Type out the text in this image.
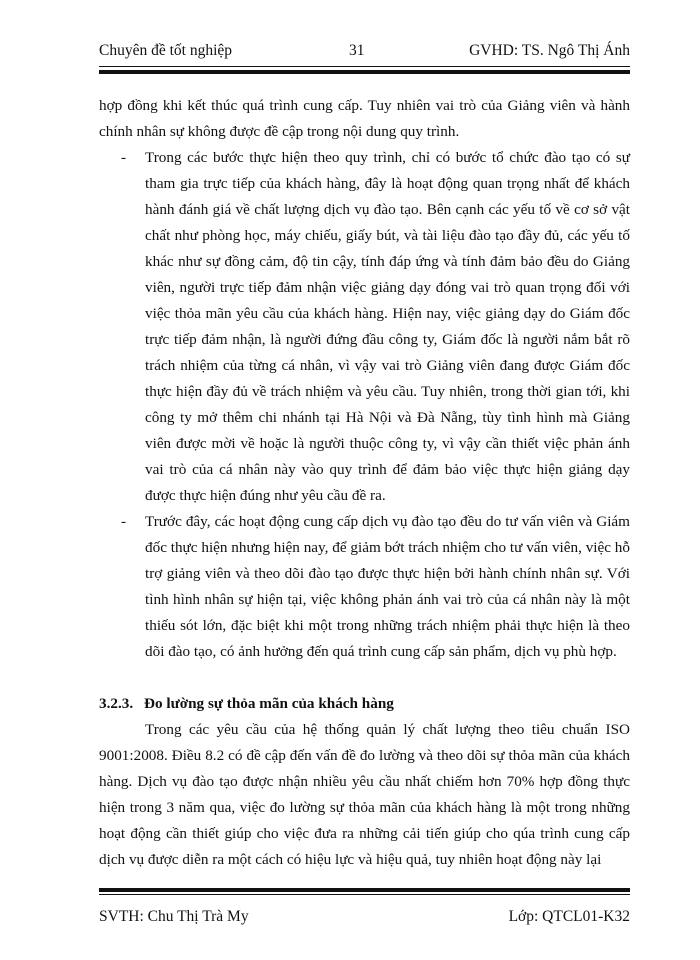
Chuyên đề tốt nghiệp	31	GVHD: TS. Ngô Thị Ánh

hợp đồng khi kết thúc quá trình cung cấp. Tuy nhiên vai trò của Giảng viên và hành chính nhân sự không được đề cập trong nội dung quy trình.

- Trong các bước thực hiện theo quy trình, chỉ có bước tổ chức đào tạo có sự tham gia trực tiếp của khách hàng, đây là hoạt động quan trọng nhất để khách hành đánh giá về chất lượng dịch vụ đào tạo. Bên cạnh các yếu tố về cơ sở vật chất như phòng học, máy chiếu, giấy bút, và tài liệu đào tạo đầy đủ, các yếu tố khác như sự đồng cảm, độ tin cậy, tính đáp ứng và tính đảm bảo đều do Giảng viên, người trực tiếp đảm nhận việc giảng dạy đóng vai trò quan trọng đối với việc thỏa mãn yêu cầu của khách hàng. Hiện nay, việc giảng dạy do Giám đốc trực tiếp đảm nhận, là người đứng đầu công ty, Giám đốc là người nắm bắt rõ trách nhiệm của từng cá nhân, vì vậy vai trò Giảng viên đang được Giám đốc thực hiện đầy đủ về trách nhiệm và yêu cầu. Tuy nhiên, trong thời gian tới, khi công ty mở thêm chi nhánh tại Hà Nội và Đà Nẵng, tùy tình hình mà Giảng viên được mời về hoặc là người thuộc công ty, vì vậy cần thiết việc phản ánh vai trò của cá nhân này vào quy trình để đảm bảo việc thực hiện giảng dạy được thực hiện đúng như yêu cầu đề ra.

- Trước đây, các hoạt động cung cấp dịch vụ đào tạo đều do tư vấn viên và Giám đốc thực hiện nhưng hiện nay, để giảm bớt trách nhiệm cho tư vấn viên, việc hỗ trợ giảng viên và theo dõi đào tạo được thực hiện bởi hành chính nhân sự. Với tình hình nhân sự hiện tại, việc không phản ánh vai trò của cá nhân này là một thiếu sót lớn, đặc biệt khi một trong những trách nhiệm phải thực hiện là theo dõi đào tạo, có ảnh hưởng đến quá trình cung cấp sản phẩm, dịch vụ phù hợp.

3.2.3. Đo lường sự thỏa mãn của khách hàng

Trong các yêu cầu của hệ thống quản lý chất lượng theo tiêu chuẩn ISO 9001:2008. Điều 8.2 có đề cập đến vấn đề đo lường và theo dõi sự thỏa mãn của khách hàng. Dịch vụ đào tạo được nhận nhiều yêu cầu nhất chiếm hơn 70% hợp đồng thực hiện trong 3 năm qua, việc đo lường sự thỏa mãn của khách hàng là một trong những hoạt động cần thiết giúp cho việc đưa ra những cải tiến giúp cho qúa trình cung cấp dịch vụ được diễn ra một cách có hiệu lực và hiệu quả, tuy nhiên hoạt động này lại

SVTH: Chu Thị Trà My	Lớp: QTCL01-K32
